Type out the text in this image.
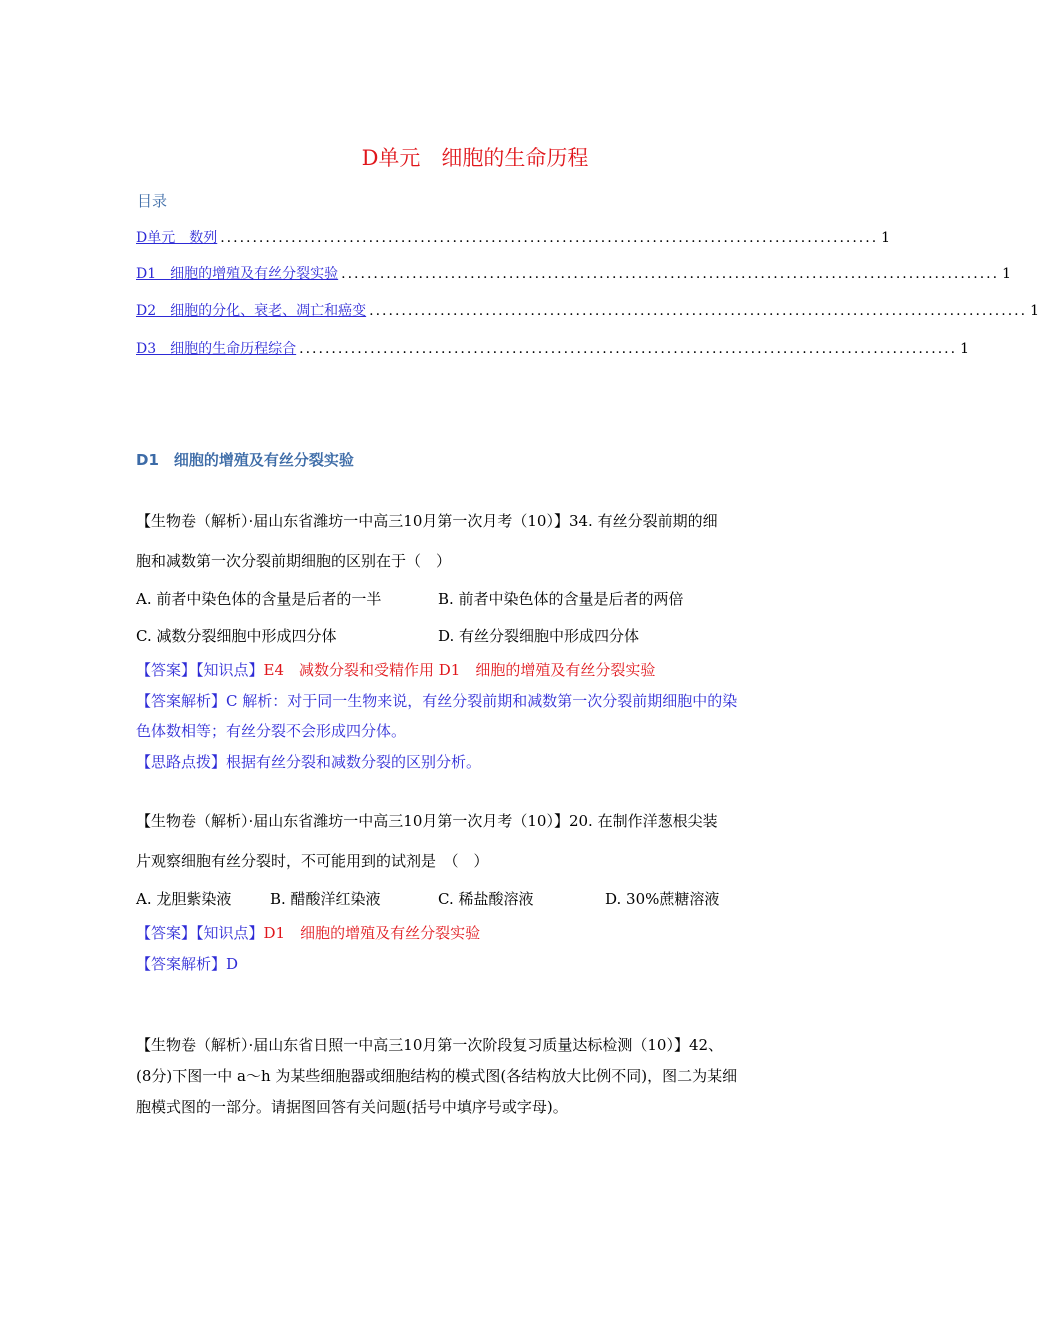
D单元　细胞的生命历程
目录
D单元　数列 ...................................................................................................... 1
D1　细胞的增殖及有丝分裂实验 ...................................................................................................... 1
D2　细胞的分化、衰老、凋亡和癌变 ...................................................................................................... 1
D3　细胞的生命历程综合 ...................................................................................................... 1
D1　细胞的增殖及有丝分裂实验
【生物卷（解析）·届山东省潍坊一中高三10月第一次月考（10）】34. 有丝分裂前期的细
胞和减数第一次分裂前期细胞的区别在于（　）
A. 前者中染色体的含量是后者的一半	B. 前者中染色体的含量是后者的两倍
C. 减数分裂细胞中形成四分体	D. 有丝分裂细胞中形成四分体
【答案】【知识点】E4　减数分裂和受精作用 D1　细胞的增殖及有丝分裂实验
【答案解析】C 解析：对于同一生物来说，有丝分裂前期和减数第一次分裂前期细胞中的染
色体数相等；有丝分裂不会形成四分体。
【思路点拨】根据有丝分裂和减数分裂的区别分析。
【生物卷（解析）·届山东省潍坊一中高三10月第一次月考（10）】20. 在制作洋葱根尖装
片观察细胞有丝分裂时，不可能用到的试剂是　（　）
A. 龙胆紫染液	B. 醋酸洋红染液	C. 稀盐酸溶液	D. 30%蔗糖溶液
【答案】【知识点】D1　细胞的增殖及有丝分裂实验
【答案解析】D
【生物卷（解析）·届山东省日照一中高三10月第一次阶段复习质量达标检测（10）】42、
(8分)下图一中 a～h 为某些细胞器或细胞结构的模式图(各结构放大比例不同)，图二为某细
胞模式图的一部分。请据图回答有关问题(括号中填序号或字母)。
